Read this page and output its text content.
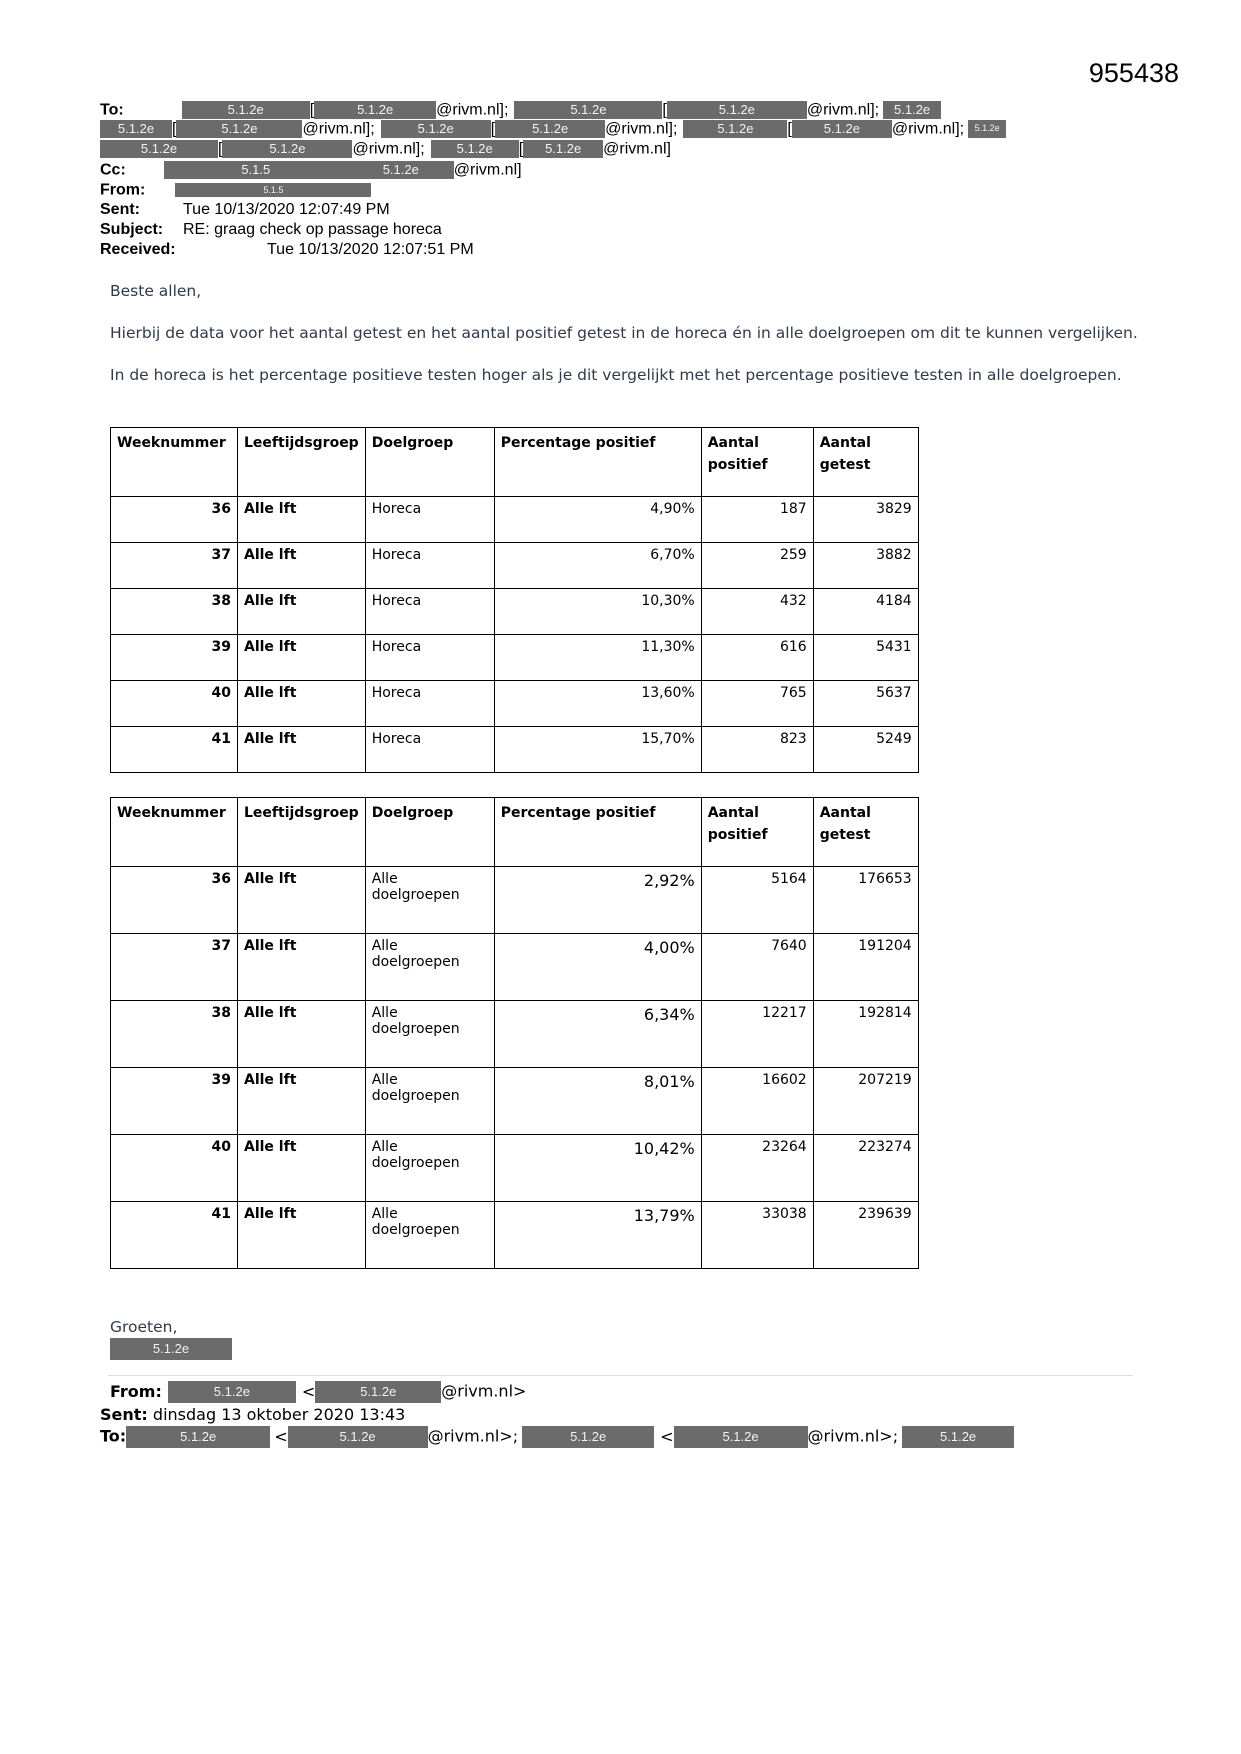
955438
To:	5.1.2e	[	5.1.2e	@rivm.nl];	5.1.2e	[	5.1.2e	@rivm.nl]; 5.1.2e
5.1.2e [	5.1.2e	@rivm.nl];	5.1.2e [	5.1.2e @rivm.nl];	5.1.2e [ 5.1.2e @rivm.nl]; 5.1.2e
5.1.2e	[	5.1.2e	@rivm.nl]; 5.1.2e [ 5.1.2e @rivm.nl]
Cc:	5.1.5	5.1.2e @rivm.nl]
From:	5.1.5
Sent:	Tue 10/13/2020 12:07:49 PM
Subject: RE: graag check op passage horeca
Received:	Tue 10/13/2020 12:07:51 PM
Beste allen,
Hierbij de data voor het aantal getest en het aantal positief getest in de horeca én in alle doelgroepen om dit te kunnen vergelijken.
In de horeca is het percentage positieve testen hoger als je dit vergelijkt met het percentage positieve testen in alle doelgroepen.
Weeknummer	Leeftijdsgroep	Doelgroep	Percentage positief	Aantal positief	Aantal getest
36	Alle lft	Horeca	4,90%	187	3829
37	Alle lft	Horeca	6,70%	259	3882
38	Alle lft	Horeca	10,30%	432	4184
39	Alle lft	Horeca	11,30%	616	5431
40	Alle lft	Horeca	13,60%	765	5637
41	Alle lft	Horeca	15,70%	823	5249
Weeknummer	Leeftijdsgroep	Doelgroep	Percentage positief	Aantal positief	Aantal getest
36	Alle lft	Alle doelgroepen	2,92%	5164	176653
37	Alle lft	Alle doelgroepen	4,00%	7640	191204
38	Alle lft	Alle doelgroepen	6,34%	12217	192814
39	Alle lft	Alle doelgroepen	8,01%	16602	207219
40	Alle lft	Alle doelgroepen	10,42%	23264	223274
41	Alle lft	Alle doelgroepen	13,79%	33038	239639
Groeten,
5.1.2e
From:	5.1.2e	<	5.1.2e	@rivm.nl>
Sent: dinsdag 13 oktober 2020 13:43
To:	5.1.2e	<	5.1.2e	@rivm.nl>;	5.1.2e	<	5.1.2e	@rivm.nl>;	5.1.2e
